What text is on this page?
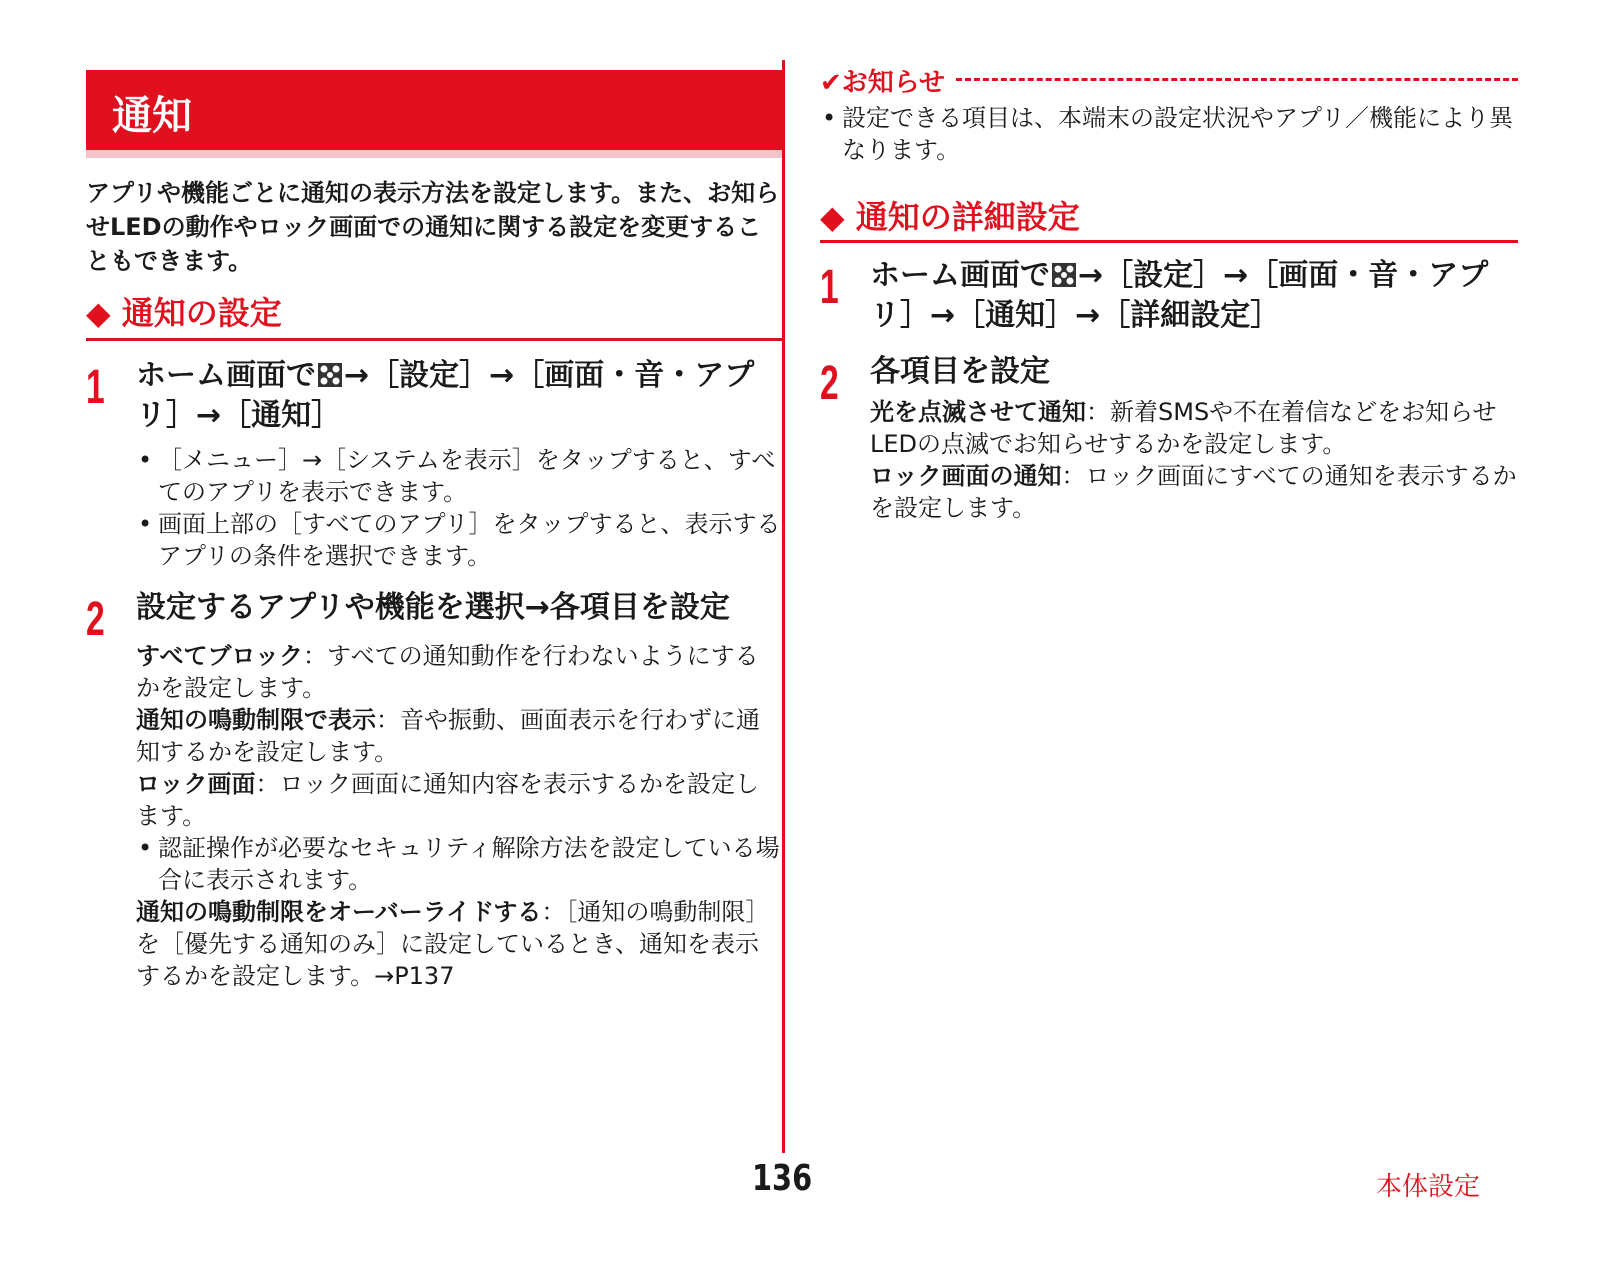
通知
アプリや機能ごとに通知の表示方法を設定します。また、お知らせLEDの動作やロック画面での通知に関する設定を変更することもできます。
◆ 通知の設定
1 ホーム画面で →［設定］→［画面・音・アプリ］→［通知］
• ［メニュー］→［システムを表示］をタップすると、すべてのアプリを表示できます。
• 画面上部の［すべてのアプリ］をタップすると、表示するアプリの条件を選択できます。
2 設定するアプリや機能を選択→各項目を設定
すべてブロック：すべての通知動作を行わないようにするかを設定します。
通知の鳴動制限で表示：音や振動、画面表示を行わずに通知するかを設定します。
ロック画面：ロック画面に通知内容を表示するかを設定します。
• 認証操作が必要なセキュリティ解除方法を設定している場合に表示されます。
通知の鳴動制限をオーバーライドする：［通知の鳴動制限］を［優先する通知のみ］に設定しているとき、通知を表示するかを設定します。→P137
✔お知らせ
• 設定できる項目は、本端末の設定状況やアプリ／機能により異なります。
◆ 通知の詳細設定
1 ホーム画面で →［設定］→［画面・音・アプリ］→［通知］→［詳細設定］
2 各項目を設定
光を点滅させて通知：新着SMSや不在着信などをお知らせLEDの点滅でお知らせするかを設定します。
ロック画面の通知：ロック画面にすべての通知を表示するかを設定します。
136	本体設定
